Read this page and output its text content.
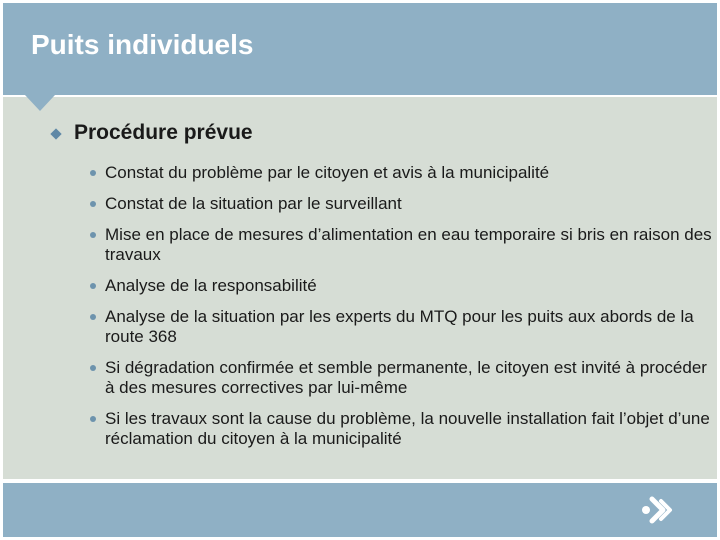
Puits individuels
Procédure prévue
Constat du problème par le citoyen et avis à la municipalité
Constat de la situation par le surveillant
Mise en place de mesures d’alimentation en eau temporaire si bris en raison des travaux
Analyse de la responsabilité
Analyse de la situation par les experts du MTQ pour les puits aux abords de la route 368
Si dégradation confirmée et semble permanente, le citoyen est invité à procéder à des mesures correctives par lui-même
Si les travaux sont la cause du problème, la nouvelle installation fait l’objet d’une réclamation du citoyen à la municipalité
